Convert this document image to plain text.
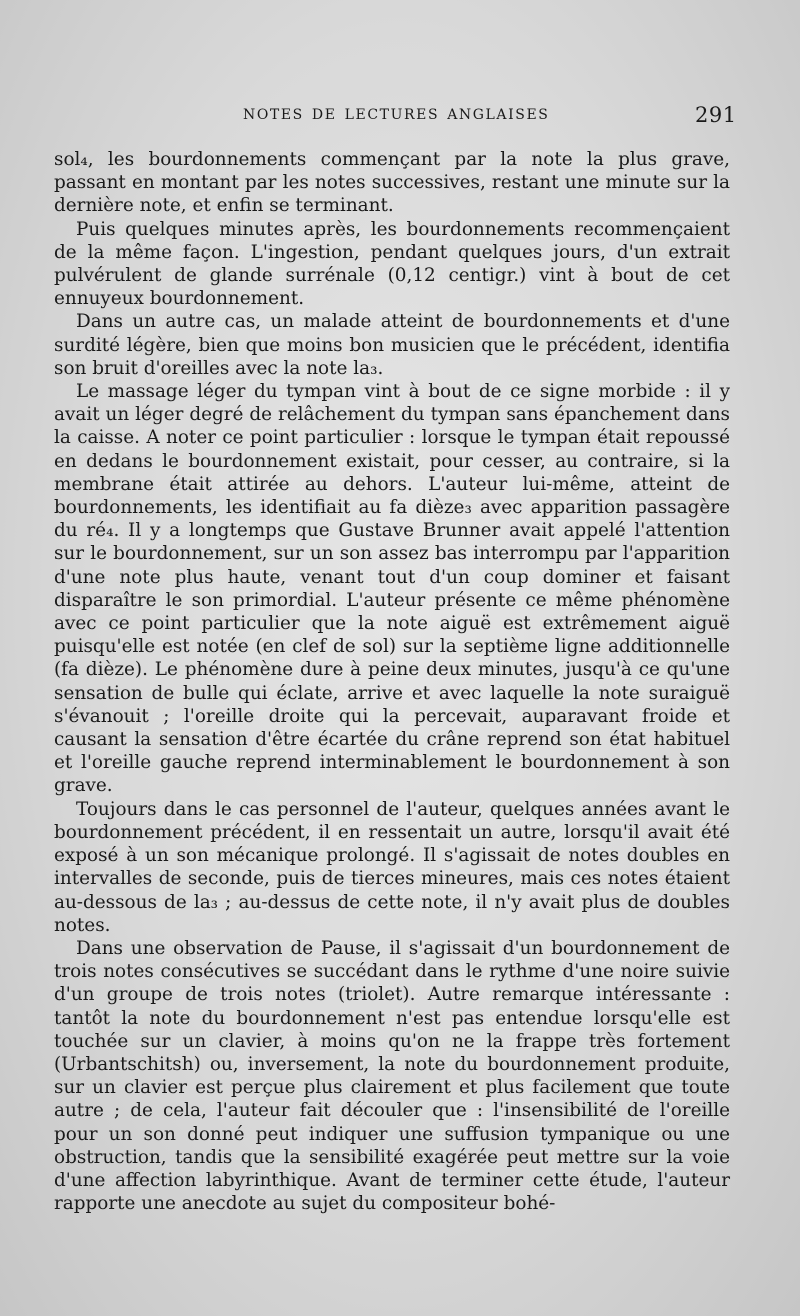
NOTES DE LECTURES ANGLAISES	291

sol₄, les bourdonnements commençant par la note la plus grave, passant en montant par les notes successives, restant une minute sur la dernière note, et enfin se terminant.

Puis quelques minutes après, les bourdonnements recommençaient de la même façon. L'ingestion, pendant quelques jours, d'un extrait pulvérulent de glande surrénale (0,12 centigr.) vint à bout de cet ennuyeux bourdonnement.

Dans un autre cas, un malade atteint de bourdonnements et d'une surdité légère, bien que moins bon musicien que le précédent, identifia son bruit d'oreilles avec la note la₃.

Le massage léger du tympan vint à bout de ce signe morbide : il y avait un léger degré de relâchement du tympan sans épanchement dans la caisse. A noter ce point particulier : lorsque le tympan était repoussé en dedans le bourdonnement existait, pour cesser, au contraire, si la membrane était attirée au dehors. L'auteur lui-même, atteint de bourdonnements, les identifiait au fa dièze₃ avec apparition passagère du ré₄. Il y a longtemps que Gustave Brunner avait appelé l'attention sur le bourdonnement, sur un son assez bas interrompu par l'apparition d'une note plus haute, venant tout d'un coup dominer et faisant disparaître le son primordial. L'auteur présente ce même phénomène avec ce point particulier que la note aiguë est extrêmement aiguë puisqu'elle est notée (en clef de sol) sur la septième ligne additionnelle (fa dièze). Le phénomène dure à peine deux minutes, jusqu'à ce qu'une sensation de bulle qui éclate, arrive et avec laquelle la note suraiguë s'évanouit ; l'oreille droite qui la percevait, auparavant froide et causant la sensation d'être écartée du crâne reprend son état habituel et l'oreille gauche reprend interminablement le bourdonnement à son grave.

Toujours dans le cas personnel de l'auteur, quelques années avant le bourdonnement précédent, il en ressentait un autre, lorsqu'il avait été exposé à un son mécanique prolongé. Il s'agissait de notes doubles en intervalles de seconde, puis de tierces mineures, mais ces notes étaient au-dessous de la₃ ; au-dessus de cette note, il n'y avait plus de doubles notes.

Dans une observation de Pause, il s'agissait d'un bourdonnement de trois notes consécutives se succédant dans le rythme d'une noire suivie d'un groupe de trois notes (triolet). Autre remarque intéressante : tantôt la note du bourdonnement n'est pas entendue lorsqu'elle est touchée sur un clavier, à moins qu'on ne la frappe très fortement (Urbantschitsh) ou, inversement, la note du bourdonnement produite, sur un clavier est perçue plus clairement et plus facilement que toute autre ; de cela, l'auteur fait découler que : l'insensibilité de l'oreille pour un son donné peut indiquer une suffusion tympanique ou une obstruction, tandis que la sensibilité exagérée peut mettre sur la voie d'une affection labyrinthique. Avant de terminer cette étude, l'auteur rapporte une anecdote au sujet du compositeur bohé-
